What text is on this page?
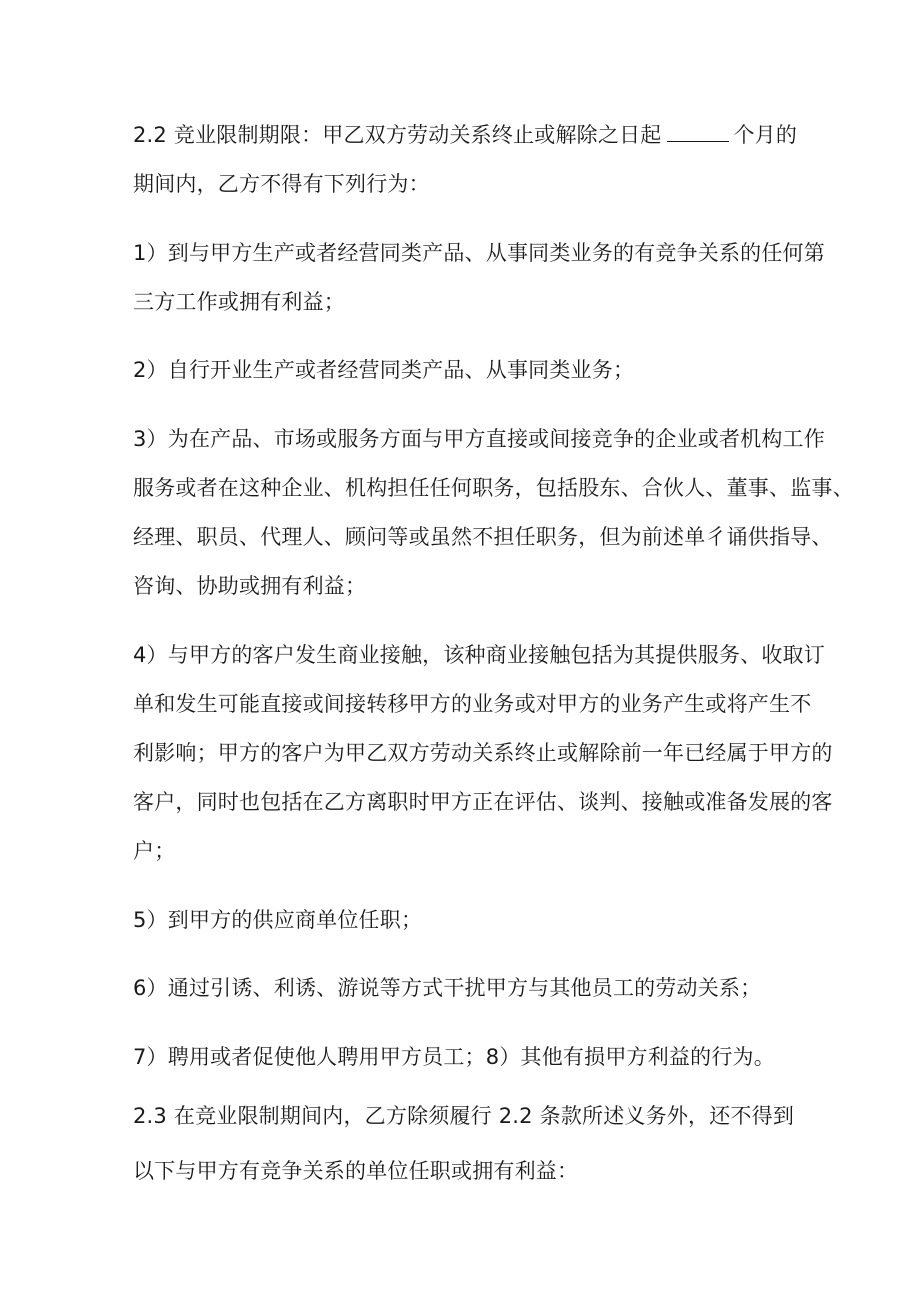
2.2 竞业限制期限：甲乙双方劳动关系终止或解除之日起	个月的
期间内，乙方不得有下列行为：
1）到与甲方生产或者经营同类产品、从事同类业务的有竞争关系的任何第
三方工作或拥有利益；
2）自行开业生产或者经营同类产品、从事同类业务；
3）为在产品、市场或服务方面与甲方直接或间接竞争的企业或者机构工作
服务或者在这种企业、机构担任任何职务，包括股东、合伙人、董事、监事、
经理、职员、代理人、顾问等或虽然不担任职务，但为前述单彳诵供指导、
咨询、协助或拥有利益；
4）与甲方的客户发生商业接触，该种商业接触包括为其提供服务、收取订
单和发生可能直接或间接转移甲方的业务或对甲方的业务产生或将产生不
利影响；甲方的客户为甲乙双方劳动关系终止或解除前一年已经属于甲方的
客户，同时也包括在乙方离职时甲方正在评估、谈判、接触或准备发展的客
户；
5）到甲方的供应商单位任职；
6）通过引诱、利诱、游说等方式干扰甲方与其他员工的劳动关系；
7）聘用或者促使他人聘用甲方员工；8）其他有损甲方利益的行为。
2.3 在竞业限制期间内，乙方除须履行 2.2 条款所述义务外，还不得到
以下与甲方有竞争关系的单位任职或拥有利益：
